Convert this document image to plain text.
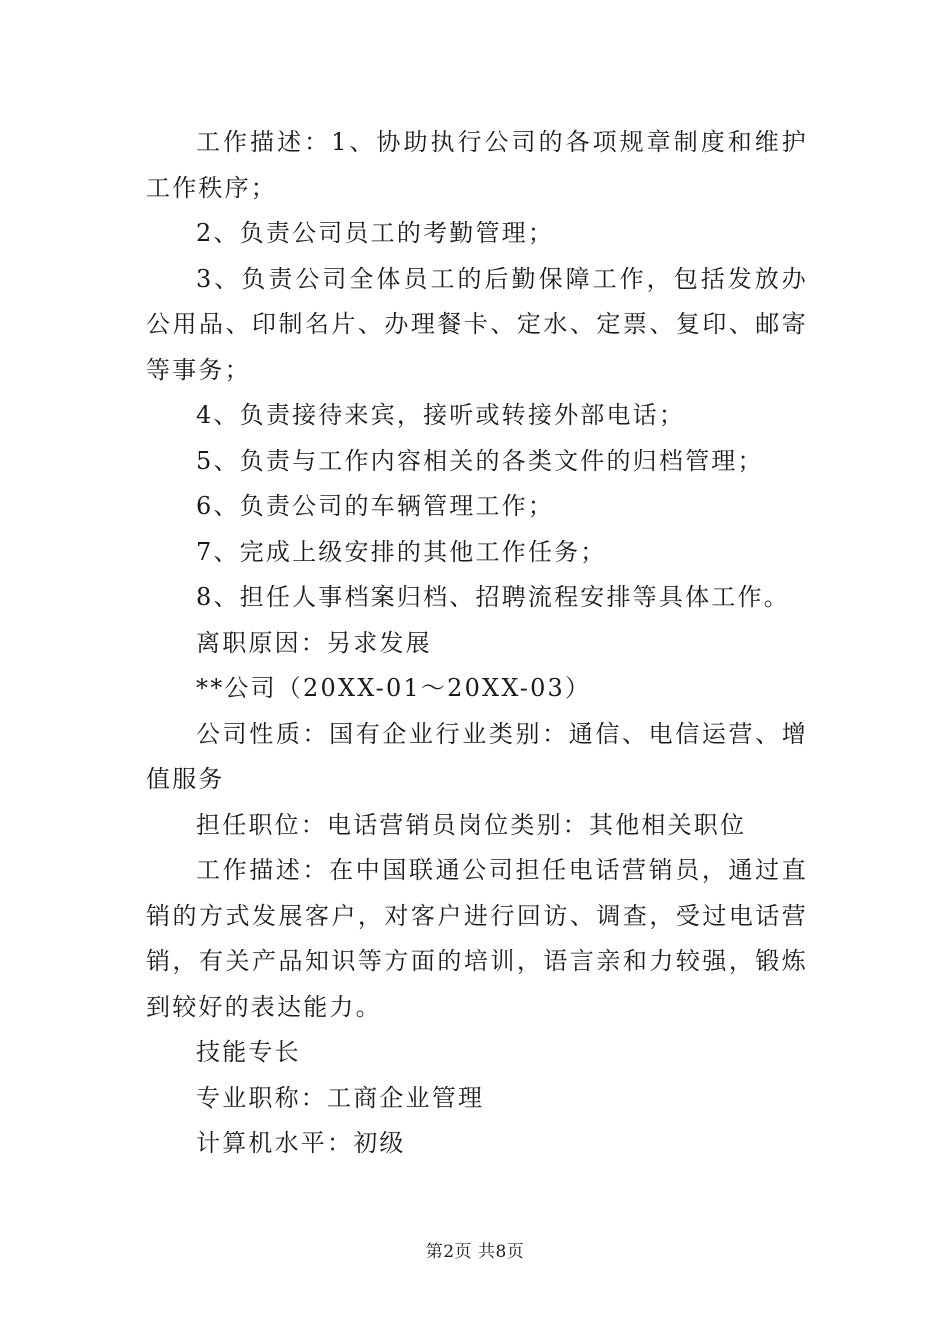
工作描述：1、协助执行公司的各项规章制度和维护工作秩序；

2、负责公司员工的考勤管理；

3、负责公司全体员工的后勤保障工作，包括发放办公用品、印制名片、办理餐卡、定水、定票、复印、邮寄等事务；

4、负责接待来宾，接听或转接外部电话；

5、负责与工作内容相关的各类文件的归档管理；

6、负责公司的车辆管理工作；

7、完成上级安排的其他工作任务；

8、担任人事档案归档、招聘流程安排等具体工作。

离职原因：另求发展

**公司（20XX-01～20XX-03）

公司性质：国有企业行业类别：通信、电信运营、增值服务

担任职位：电话营销员岗位类别：其他相关职位

工作描述：在中国联通公司担任电话营销员，通过直销的方式发展客户，对客户进行回访、调查，受过电话营销，有关产品知识等方面的培训，语言亲和力较强，锻炼到较好的表达能力。

技能专长

专业职称：工商企业管理

计算机水平：初级

第2页 共8页
